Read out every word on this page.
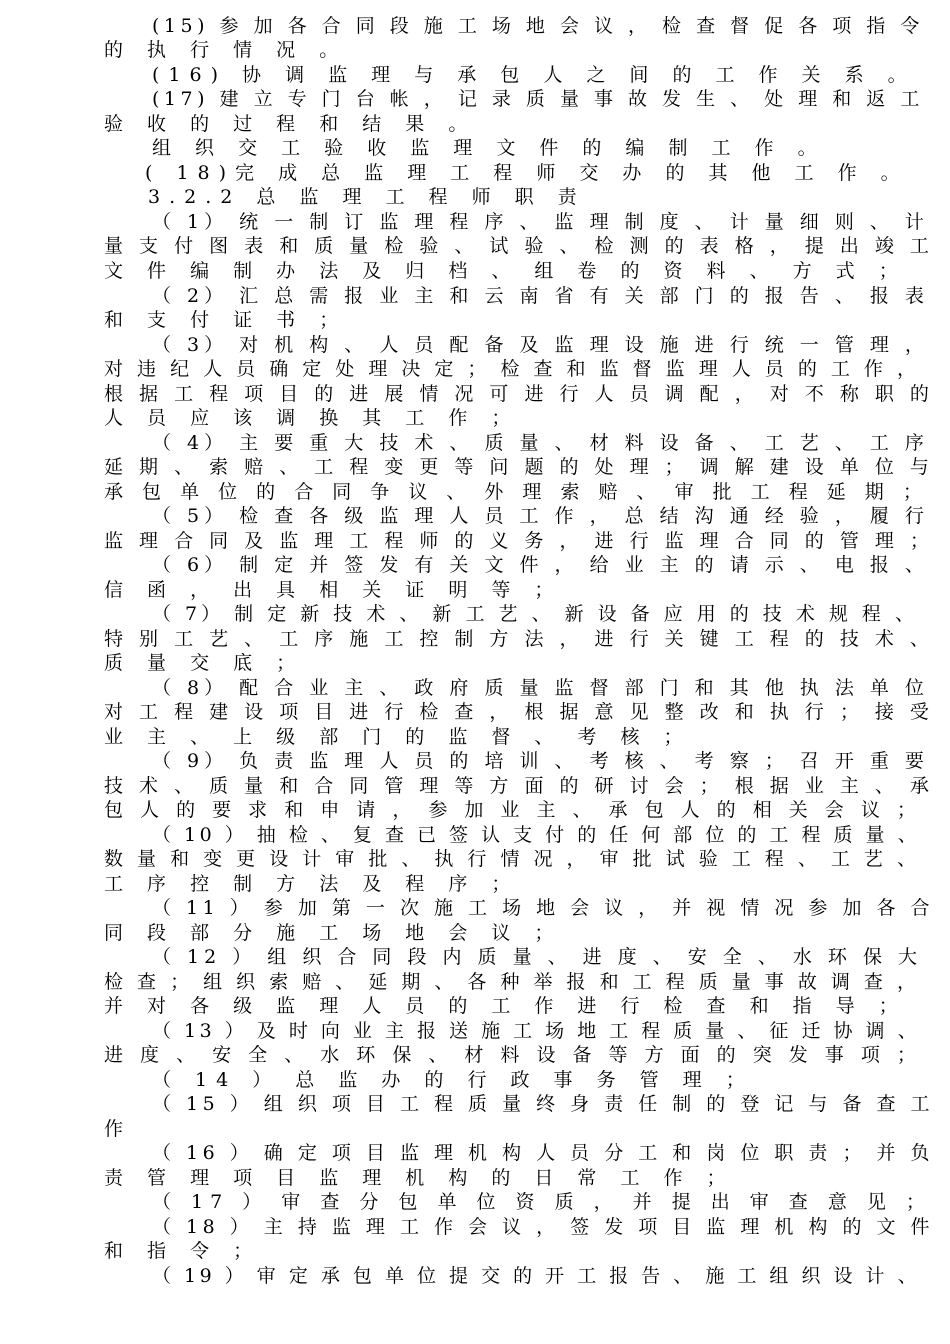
(15) 参 加 各 合 同 段 施 工 场 地 会 议 ， 检 查 督 促 各 项 指 令
的 执 行 情 况 。
(16) 协 调 监 理 与 承 包 人 之 间 的 工 作 关 系 。
(17) 建 立 专 门 台 帐 ， 记 录 质 量 事 故 发 生 、 处 理 和 返 工
验 收 的 过 程 和 结 果 。
组 织 交 工 验 收 监 理 文 件 的 编 制 工 作 。
( 18)完 成 总 监 理 工 程 师 交 办 的 其 他 工 作 。
3.2.2 总 监 理 工 程 师 职 责
（ 1） 统 一 制 订 监 理 程 序 、 监 理 制 度 、 计 量 细 则 、 计
量 支 付 图 表 和 质 量 检 验 、 试 验 、 检 测 的 表 格 ， 提 出 竣 工
文 件 编 制 办 法 及 归 档 、 组 卷 的 资 料 、 方 式 ；
（ 2） 汇 总 需 报 业 主 和 云 南 省 有 关 部 门 的 报 告 、 报 表
和 支 付 证 书 ；
（ 3） 对 机 构 、 人 员 配 备 及 监 理 设 施 进 行 统 一 管 理 ，
对 违 纪 人 员 确 定 处 理 决 定 ； 检 查 和 监 督 监 理 人 员 的 工 作 ，
根 据 工 程 项 目 的 进 展 情 况 可 进 行 人 员 调 配 ， 对 不 称 职 的
人 员 应 该 调 换 其 工 作 ；
（ 4） 主 要 重 大 技 术 、 质 量 、 材 料 设 备 、 工 艺 、 工 序
延 期 、 索 赔 、 工 程 变 更 等 问 题 的 处 理 ； 调 解 建 设 单 位 与
承 包 单 位 的 合 同 争 议 、 外 理 索 赔 、 审 批 工 程 延 期 ；
（ 5） 检 查 各 级 监 理 人 员 工 作 ， 总 结 沟 通 经 验 ， 履 行
监 理 合 同 及 监 理 工 程 师 的 义 务 ， 进 行 监 理 合 同 的 管 理 ；
（ 6） 制 定 并 签 发 有 关 文 件 ， 给 业 主 的 请 示 、 电 报 、
信 函 ， 出 具 相 关 证 明 等 ；
（ 7） 制 定 新 技 术 、 新 工 艺 、 新 设 备 应 用 的 技 术 规 程 、
特 别 工 艺 、 工 序 施 工 控 制 方 法 ， 进 行 关 键 工 程 的 技 术 、
质 量 交 底 ；
（ 8） 配 合 业 主 、 政 府 质 量 监 督 部 门 和 其 他 执 法 单 位
对 工 程 建 设 项 目 进 行 检 查 ， 根 据 意 见 整 改 和 执 行 ； 接 受
业 主 、 上 级 部 门 的 监 督 、 考 核 ；
（ 9） 负 责 监 理 人 员 的 培 训 、 考 核 、 考 察 ； 召 开 重 要
技 术 、 质 量 和 合 同 管 理 等 方 面 的 研 讨 会 ； 根 据 业 主 、 承
包 人 的 要 求 和 申 请 ， 参 加 业 主 、 承 包 人 的 相 关 会 议 ；
（ 10 ） 抽 检 、 复 查 已 签 认 支 付 的 任 何 部 位 的 工 程 质 量 、
数 量 和 变 更 设 计 审 批 、 执 行 情 况 ， 审 批 试 验 工 程 、 工 艺 、
工 序 控 制 方 法 及 程 序 ；
（ 11 ） 参 加 第 一 次 施 工 场 地 会 议 ， 并 视 情 况 参 加 各 合
同 段 部 分 施 工 场 地 会 议 ；
（ 12 ） 组 织 合 同 段 内 质 量 、 进 度 、 安 全 、 水 环 保 大
检 查 ； 组 织 索 赔 、 延 期 、 各 种 举 报 和 工 程 质 量 事 故 调 查 ，
并 对 各 级 监 理 人 员 的 工 作 进 行 检 查 和 指 导 ；
（ 13 ） 及 时 向 业 主 报 送 施 工 场 地 工 程 质 量 、 征 迁 协 调 、
进 度 、 安 全 、 水 环 保 、 材 料 设 备 等 方 面 的 突 发 事 项 ；
（ 14 ） 总 监 办 的 行 政 事 务 管 理 ；
（ 15 ） 组 织 项 目 工 程 质 量 终 身 责 任 制 的 登 记 与 备 查 工
作
（ 16 ） 确 定 项 目 监 理 机 构 人 员 分 工 和 岗 位 职 责 ； 并 负
责 管 理 项 目 监 理 机 构 的 日 常 工 作 ；
（ 17 ） 审 查 分 包 单 位 资 质 ， 并 提 出 审 查 意 见 ；
（ 18 ） 主 持 监 理 工 作 会 议 ， 签 发 项 目 监 理 机 构 的 文 件
和 指 令 ；
（ 19 ） 审 定 承 包 单 位 提 交 的 开 工 报 告 、 施 工 组 织 设 计 、
